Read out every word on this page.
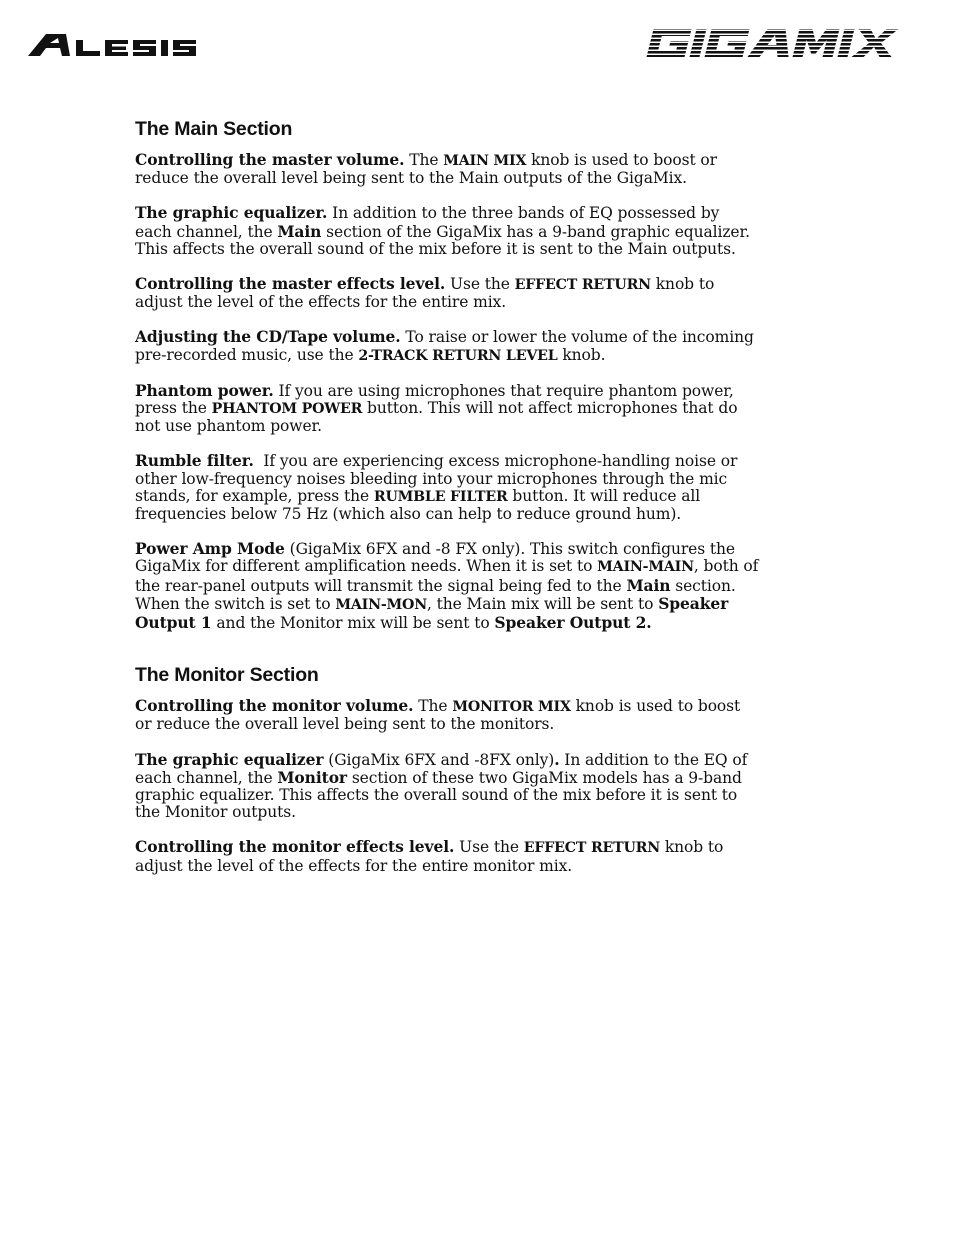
The Main Section

Controlling the master volume. The MAIN MIX knob is used to boost or reduce the overall level being sent to the Main outputs of the GigaMix.

The graphic equalizer. In addition to the three bands of EQ possessed by each channel, the Main section of the GigaMix has a 9-band graphic equalizer. This affects the overall sound of the mix before it is sent to the Main outputs.

Controlling the master effects level. Use the EFFECT RETURN knob to adjust the level of the effects for the entire mix.

Adjusting the CD/Tape volume. To raise or lower the volume of the incoming pre-recorded music, use the 2-TRACK RETURN LEVEL knob.

Phantom power. If you are using microphones that require phantom power, press the PHANTOM POWER button. This will not affect microphones that do not use phantom power.

Rumble filter.  If you are experiencing excess microphone-handling noise or other low-frequency noises bleeding into your microphones through the mic stands, for example, press the RUMBLE FILTER button. It will reduce all frequencies below 75 Hz (which also can help to reduce ground hum).

Power Amp Mode (GigaMix 6FX and -8 FX only). This switch configures the GigaMix for different amplification needs. When it is set to MAIN-MAIN, both of the rear-panel outputs will transmit the signal being fed to the Main section. When the switch is set to MAIN-MON, the Main mix will be sent to Speaker Output 1 and the Monitor mix will be sent to Speaker Output 2.

The Monitor Section

Controlling the monitor volume. The MONITOR MIX knob is used to boost or reduce the overall level being sent to the monitors.

The graphic equalizer (GigaMix 6FX and -8FX only). In addition to the EQ of each channel, the Monitor section of these two GigaMix models has a 9-band graphic equalizer. This affects the overall sound of the mix before it is sent to the Monitor outputs.

Controlling the monitor effects level. Use the EFFECT RETURN knob to adjust the level of the effects for the entire monitor mix.
